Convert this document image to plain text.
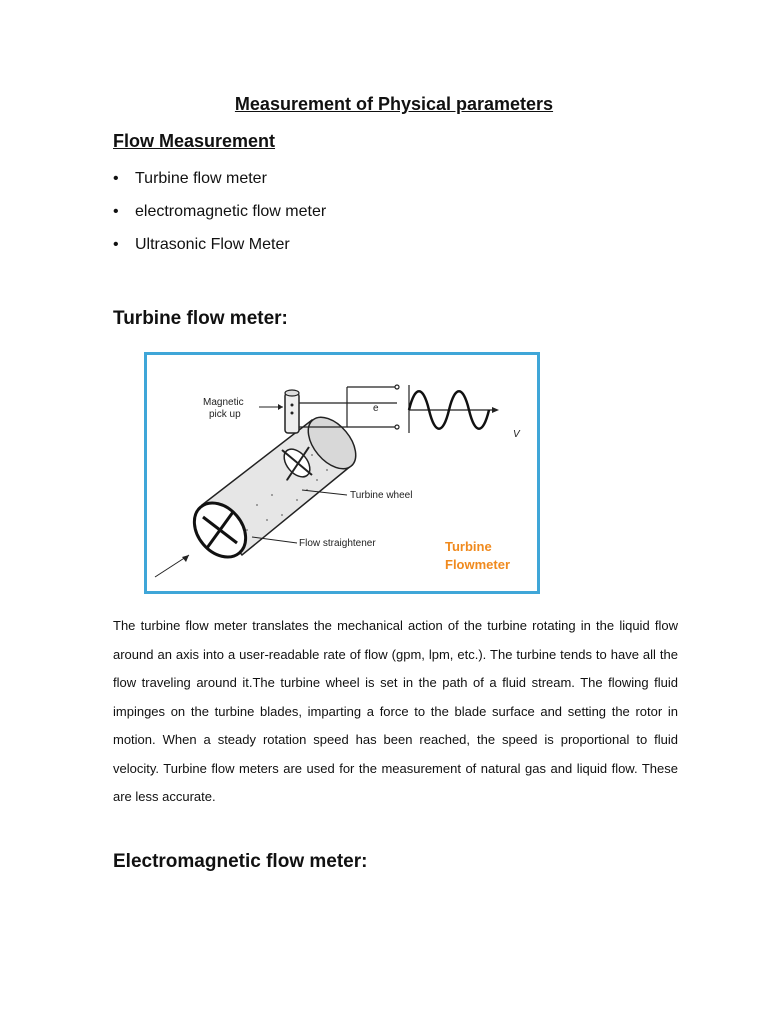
Measurement of Physical parameters

Flow Measurement

• Turbine flow meter
• electromagnetic flow meter
• Ultrasonic Flow Meter

Turbine flow meter:

Magnetic
pick up
e
V
Turbine wheel
Flow straightener	Turbine
Flowmeter

The turbine flow meter translates the mechanical action of the turbine rotating in the liquid flow around an axis into a user-readable rate of flow (gpm, lpm, etc.). The turbine tends to have all the flow traveling around it.The turbine wheel is set in the path of a fluid stream. The flowing fluid impinges on the turbine blades, imparting a force to the blade surface and setting the rotor in motion. When a steady rotation speed has been reached, the speed is proportional to fluid velocity. Turbine flow meters are used for the measurement of natural gas and liquid flow. These are less accurate.

Electromagnetic flow meter:
